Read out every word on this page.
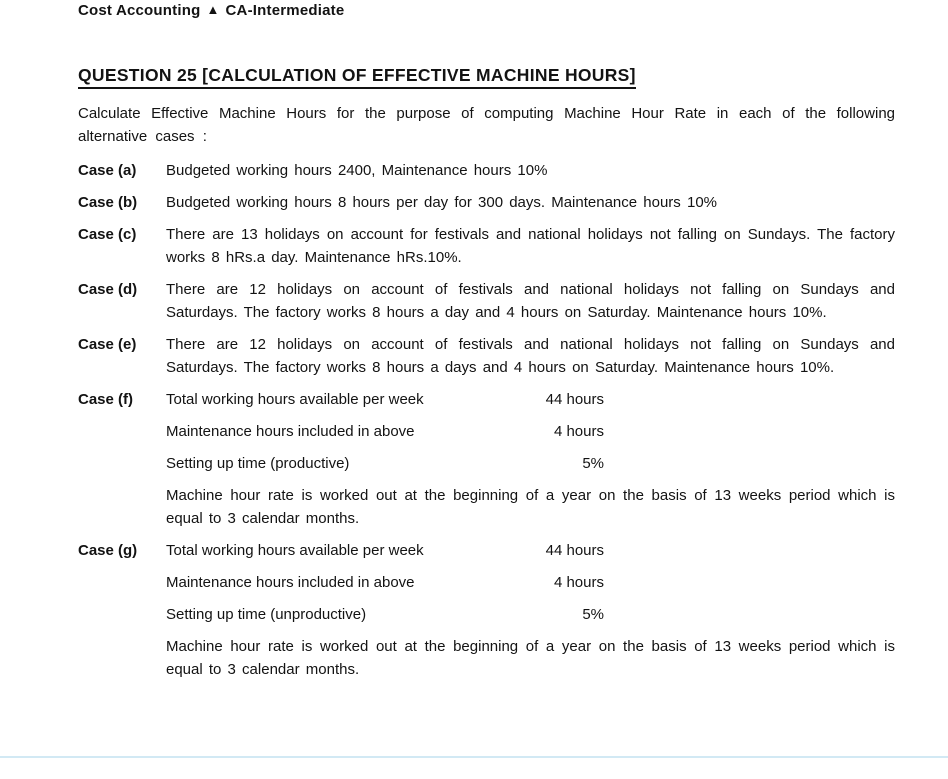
Cost Accounting ▲ CA-Intermediate
QUESTION 25 [CALCULATION OF EFFECTIVE MACHINE HOURS]

Calculate Effective Machine Hours for the purpose of computing Machine Hour Rate in each of the following alternative cases :

Case (a)	Budgeted working hours 2400, Maintenance hours 10%

Case (b)	Budgeted working hours 8 hours per day for 300 days. Maintenance hours 10%

Case (c)	There are 13 holidays on account for festivals and national holidays not falling on Sundays. The factory works 8 hRs.a day. Maintenance hRs.10%.

Case (d)	There are 12 holidays on account of festivals and national holidays not falling on Sundays and Saturdays. The factory works 8 hours a day and 4 hours on Saturday. Maintenance hours 10%.

Case (e)	There are 12 holidays on account of festivals and national holidays not falling on Sundays and Saturdays. The factory works 8 hours a days and 4 hours on Saturday. Maintenance hours 10%.

Case (f)	Total working hours available per week	44 hours
Maintenance hours included in above	4 hours
Setting up time (productive)	5%

Machine hour rate is worked out at the beginning of a year on the basis of 13 weeks period which is equal to 3 calendar months.

Case (g)	Total working hours available per week	44 hours
Maintenance hours included in above	4 hours
Setting up time (unproductive)	5%

Machine hour rate is worked out at the beginning of a year on the basis of 13 weeks period which is equal to 3 calendar months.
